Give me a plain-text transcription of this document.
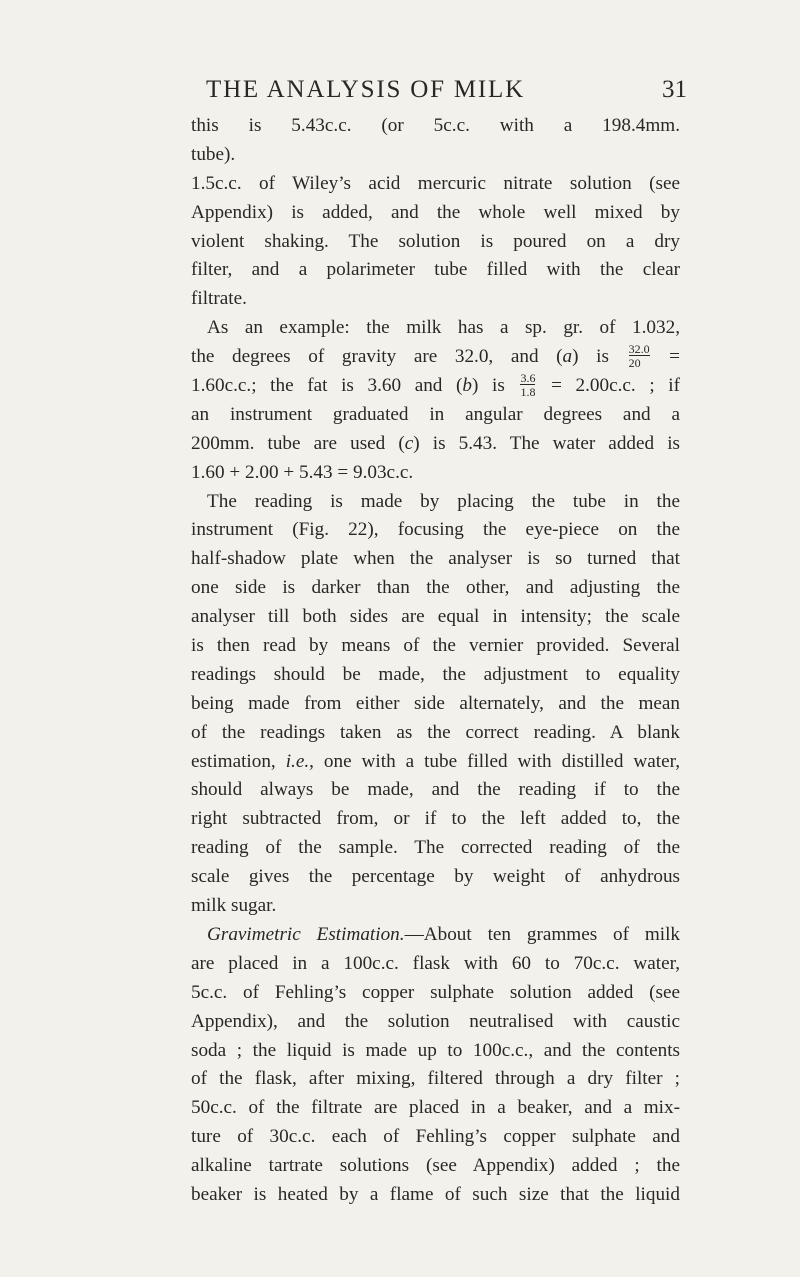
THE ANALYSIS OF MILK	31
this is 5.43c.c. (or 5c.c. with a 198.4mm.
tube).
1.5c.c. of Wiley’s acid mercuric nitrate solution (see
Appendix) is added, and the whole well mixed by
violent shaking. The solution is poured on a dry
filter, and a polarimeter tube filled with the clear
filtrate.
As an example: the milk has a sp. gr. of 1.032,
the degrees of gravity are 32.0, and (a) is $\frac{32.0}{20}$ =
1.60c.c.; the fat is 3.60 and (b) is $\frac{3.6}{1.8} = 2.00c.c$. ; if
an instrument graduated in angular degrees and a
200mm. tube are used (c) is 5.43. The water added is
1.60 + 2.00 + 5.43 = 9.03c.c.
The reading is made by placing the tube in the
instrument (Fig. 22), focusing the eye-piece on the
half-shadow plate when the analyser is so turned that
one side is darker than the other, and adjusting the
analyser till both sides are equal in intensity; the scale
is then read by means of the vernier provided. Several
readings should be made, the adjustment to equality
being made from either side alternately, and the mean
of the readings taken as the correct reading. A blank
estimation, i.e., one with a tube filled with distilled water,
should always be made, and the reading if to the
right subtracted from, or if to the left added to, the
reading of the sample. The corrected reading of the
scale gives the percentage by weight of anhydrous
milk sugar.
Gravimetric Estimation.—About ten grammes of milk
are placed in a 100c.c. flask with 60 to 70c.c. water,
5c.c. of Fehling’s copper sulphate solution added (see
Appendix), and the solution neutralised with caustic
soda ; the liquid is made up to 100c.c., and the contents
of the flask, after mixing, filtered through a dry filter ;
50c.c. of the filtrate are placed in a beaker, and a mix-
ture of 30c.c. each of Fehling’s copper sulphate and
alkaline tartrate solutions (see Appendix) added ; the
beaker is heated by a flame of such size that the liquid
